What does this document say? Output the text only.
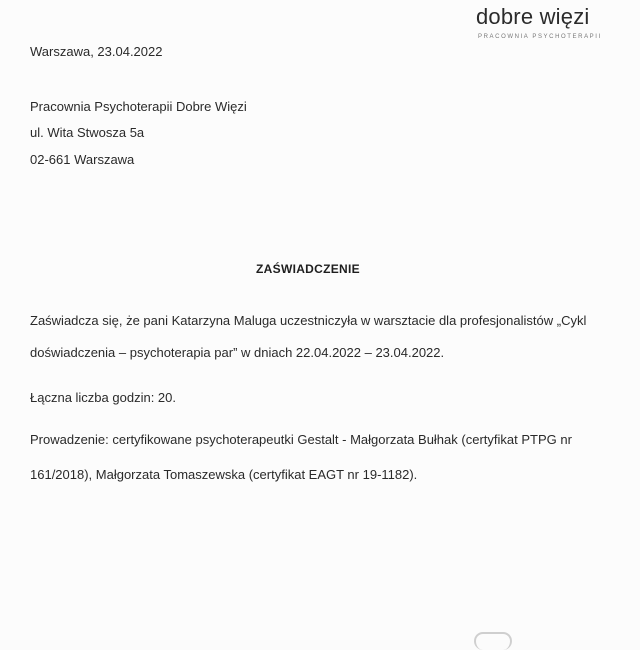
dobre więzi
PRACOWNIA PSYCHOTERAPII
Warszawa, 23.04.2022
Pracownia Psychoterapii Dobre Więzi
ul. Wita Stwosza 5a
02-661 Warszawa
ZAŚWIADCZENIE
Zaświadcza się, że pani Katarzyna Maluga uczestniczyła w warsztacie dla profesjonalistów „Cykl
doświadczenia – psychoterapia par” w dniach 22.04.2022 – 23.04.2022.
Łączna liczba godzin: 20.
Prowadzenie: certyfikowane psychoterapeutki Gestalt - Małgorzata Bułhak (certyfikat PTPG nr
161/2018), Małgorzata Tomaszewska (certyfikat EAGT nr 19-1182).
